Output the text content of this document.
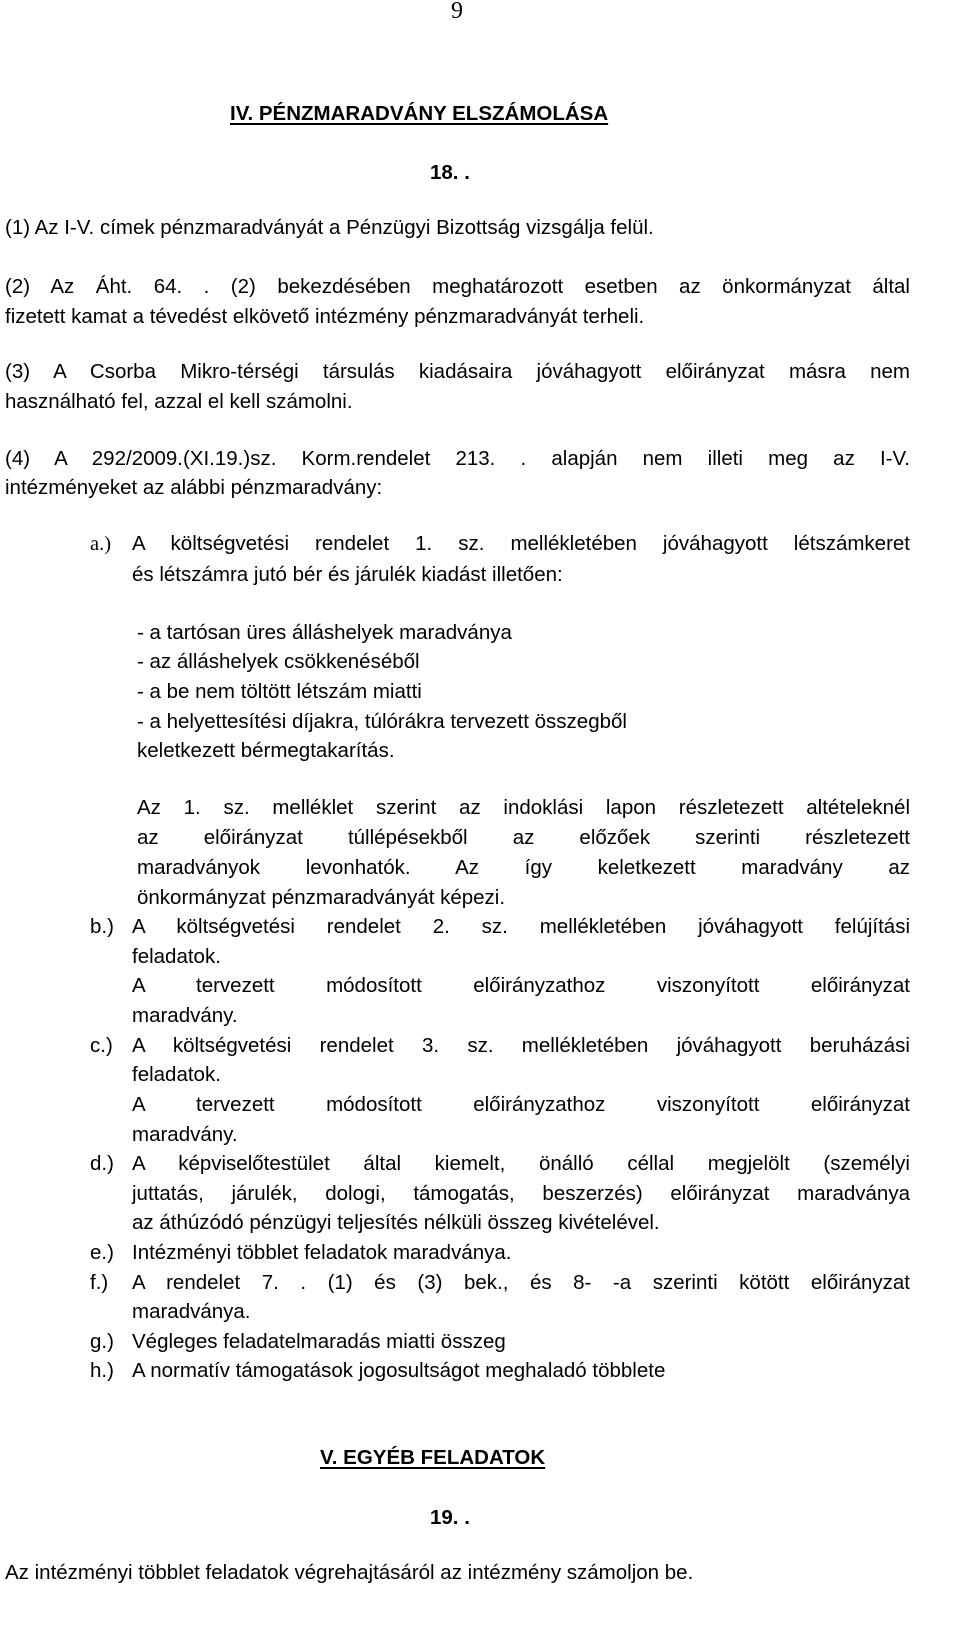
9
IV. PÉNZMARADVÁNY ELSZÁMOLÁSA
18. .
(1) Az I-V. címek pénzmaradványát a Pénzügyi Bizottság vizsgálja felül.
(2) Az Áht. 64. . (2) bekezdésében meghatározott esetben az önkormányzat által
fizetett kamat a tévedést elkövető intézmény pénzmaradványát terheli.
(3) A Csorba Mikro-térségi társulás kiadásaira jóváhagyott előirányzat másra nem
használható fel, azzal el kell számolni.
(4) A 292/2009.(XI.19.)sz. Korm.rendelet 213. . alapján nem illeti meg az I-V.
intézményeket az alábbi pénzmaradvány:
a.) A költségvetési rendelet 1. sz. mellékletében jóváhagyott létszámkeret
és létszámra jutó bér és járulék kiadást illetően:
- a tartósan üres álláshelyek maradványa
- az álláshelyek csökkenéséből
- a be nem töltött létszám miatti
- a helyettesítési díjakra, túlórákra tervezett összegből
keletkezett bérmegtakarítás.
Az 1. sz. melléklet szerint az indoklási lapon részletezett altételeknél
az előirányzat túllépésekből az előzőek szerinti részletezett
maradványok levonhatók. Az így keletkezett maradvány az
önkormányzat pénzmaradványát képezi.
b.) A költségvetési rendelet 2. sz. mellékletében jóváhagyott felújítási
feladatok.
A tervezett módosított előirányzathoz viszonyított előirányzat
maradvány.
c.) A költségvetési rendelet 3. sz. mellékletében jóváhagyott beruházási
feladatok.
A tervezett módosított előirányzathoz viszonyított előirányzat
maradvány.
d.) A képviselőtestület által kiemelt, önálló céllal megjelölt (személyi
juttatás, járulék, dologi, támogatás, beszerzés) előirányzat maradványa
az áthúzódó pénzügyi teljesítés nélküli összeg kivételével.
e.) Intézményi többlet feladatok maradványa.
f.) A rendelet 7. . (1) és (3) bek., és 8- -a szerinti kötött előirányzat
maradványa.
g.) Végleges feladatelmaradás miatti összeg
h.) A normatív támogatások jogosultságot meghaladó többlete
V. EGYÉB FELADATOK
19. .
Az intézményi többlet feladatok végrehajtásáról az intézmény számoljon be.
